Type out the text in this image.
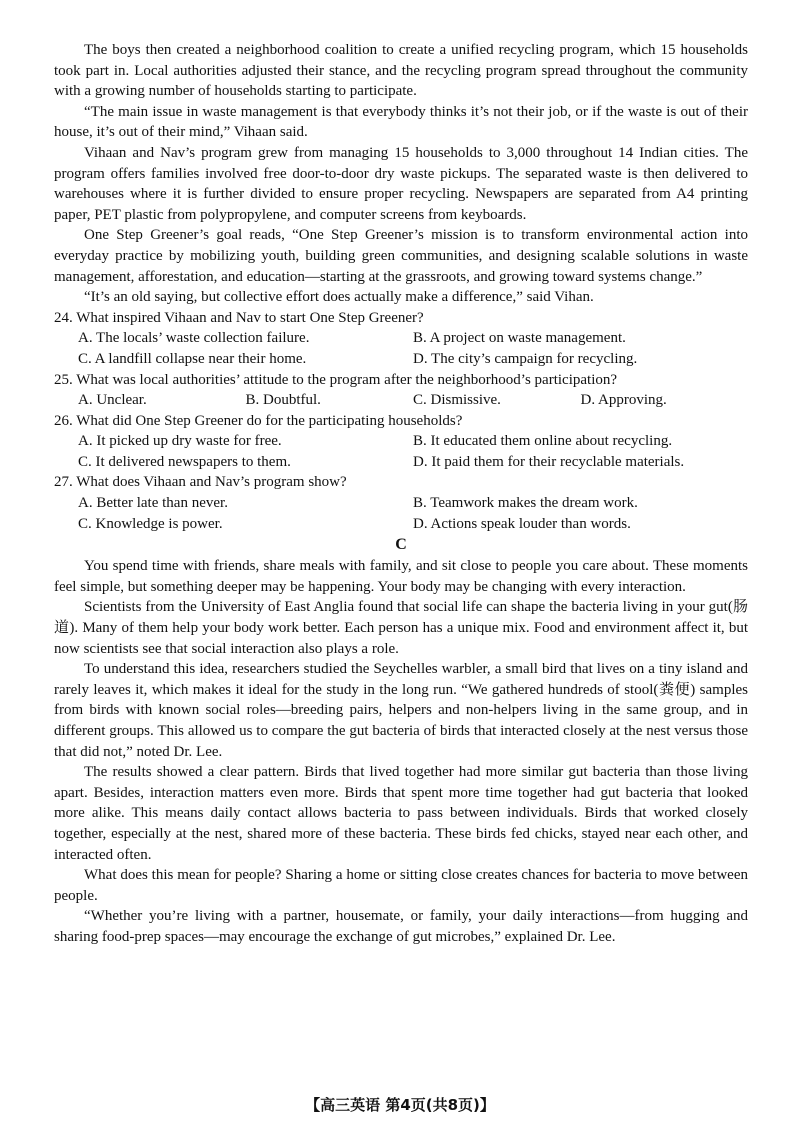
The boys then created a neighborhood coalition to create a unified recycling program, which 15 households took part in. Local authorities adjusted their stance, and the recycling program spread throughout the community with a growing number of households starting to participate.

“The main issue in waste management is that everybody thinks it’s not their job, or if the waste is out of their house, it’s out of their mind,” Vihaan said.

Vihaan and Nav’s program grew from managing 15 households to 3,000 throughout 14 Indian cities. The program offers families involved free door-to-door dry waste pickups. The separated waste is then delivered to warehouses where it is further divided to ensure proper recycling. Newspapers are separated from A4 printing paper, PET plastic from polypropylene, and computer screens from keyboards.

One Step Greener’s goal reads, “One Step Greener’s mission is to transform environmental action into everyday practice by mobilizing youth, building green communities, and designing scalable solutions in waste management, afforestation, and education—starting at the grassroots, and growing toward systems change.”

“It’s an old saying, but collective effort does actually make a difference,” said Vihan.

24. What inspired Vihaan and Nav to start One Step Greener?

A. The locals’ waste collection failure.	B. A project on waste management.
C. A landfill collapse near their home.	D. The city’s campaign for recycling.

25. What was local authorities’ attitude to the program after the neighborhood’s participation?

A. Unclear.	B. Doubtful.	C. Dismissive.	D. Approving.

26. What did One Step Greener do for the participating households?

A. It picked up dry waste for free.	B. It educated them online about recycling.
C. It delivered newspapers to them.	D. It paid them for their recyclable materials.

27. What does Vihaan and Nav’s program show?

A. Better late than never.	B. Teamwork makes the dream work.
C. Knowledge is power.	D. Actions speak louder than words.

C

You spend time with friends, share meals with family, and sit close to people you care about. These moments feel simple, but something deeper may be happening. Your body may be changing with every interaction.

Scientists from the University of East Anglia found that social life can shape the bacteria living in your gut(肠道). Many of them help your body work better. Each person has a unique mix. Food and environment affect it, but now scientists see that social interaction also plays a role.

To understand this idea, researchers studied the Seychelles warbler, a small bird that lives on a tiny island and rarely leaves it, which makes it ideal for the study in the long run. “We gathered hundreds of stool(粪便) samples from birds with known social roles—breeding pairs, helpers and non-helpers living in the same group, and in different groups. This allowed us to compare the gut bacteria of birds that interacted closely at the nest versus those that did not,” noted Dr. Lee.

The results showed a clear pattern. Birds that lived together had more similar gut bacteria than those living apart. Besides, interaction matters even more. Birds that spent more time together had gut bacteria that looked more alike. This means daily contact allows bacteria to pass between individuals. Birds that worked closely together, especially at the nest, shared more of these bacteria. These birds fed chicks, stayed near each other, and interacted often.

What does this mean for people? Sharing a home or sitting close creates chances for bacteria to move between people.

“Whether you’re living with a partner, housemate, or family, your daily interactions—from hugging and sharing food-prep spaces—may encourage the exchange of gut microbes,” explained Dr. Lee.

【高三英语 第4页(共8页)】
